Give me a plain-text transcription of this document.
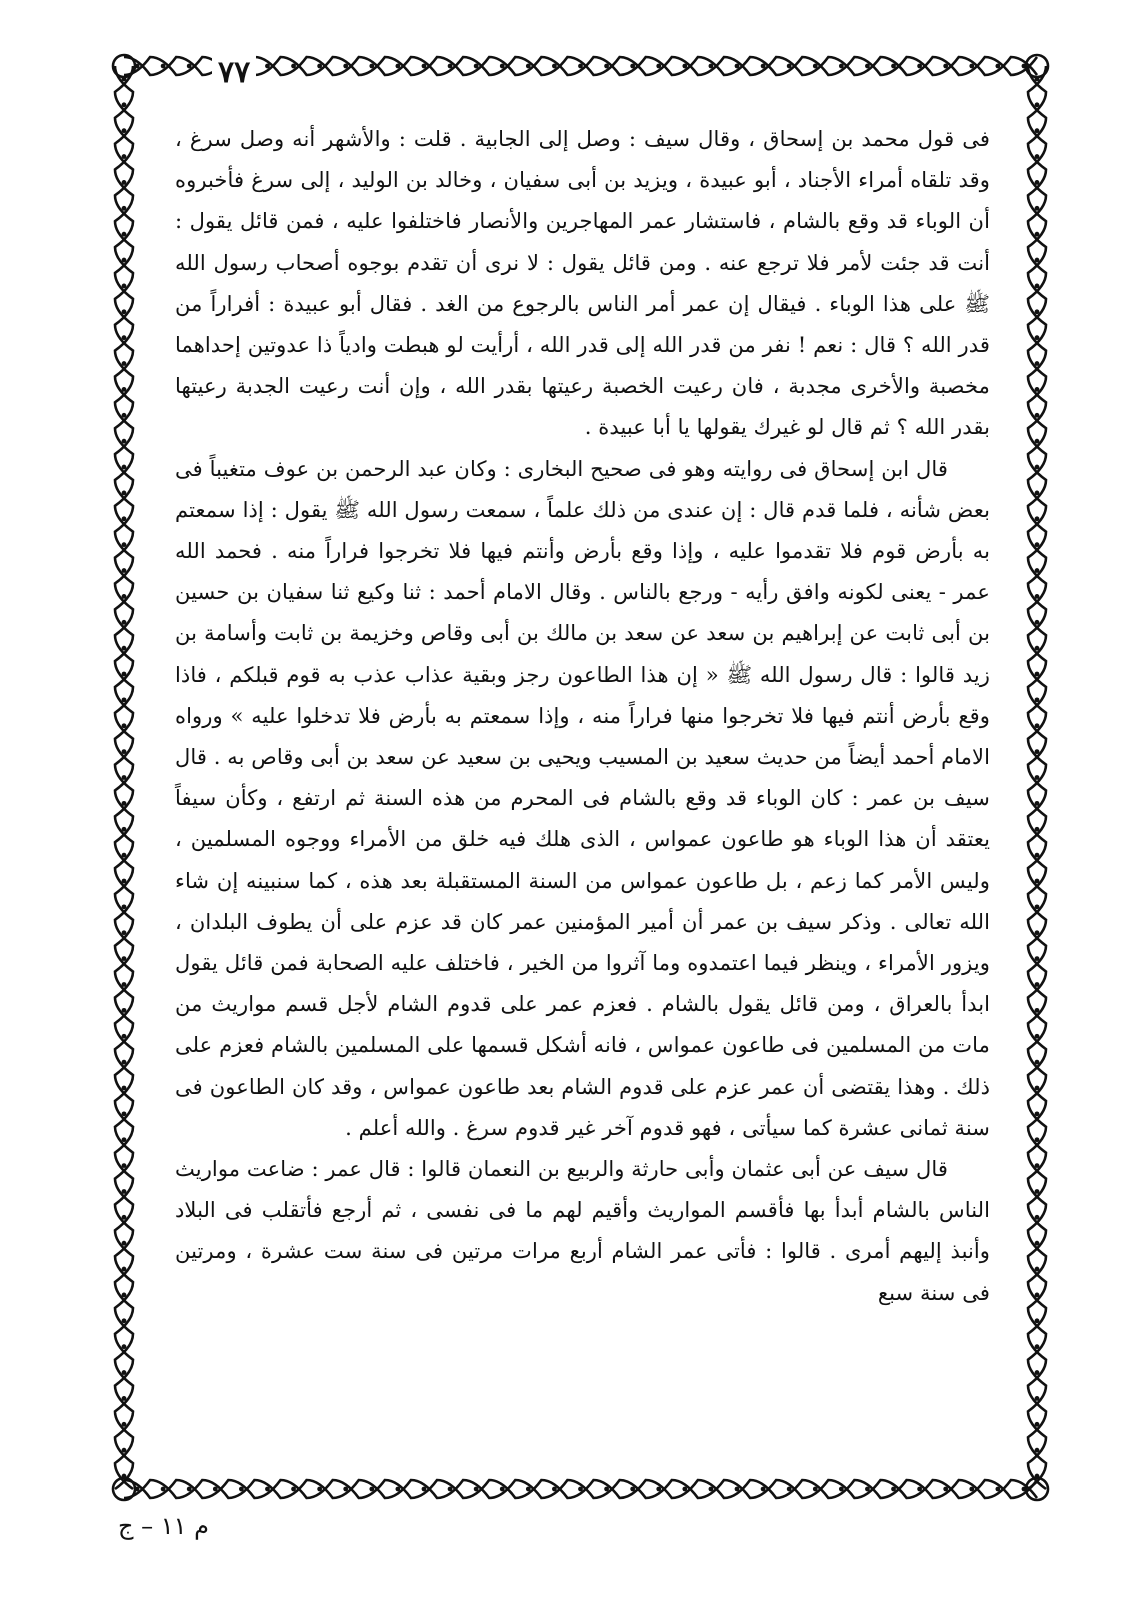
٧٧

فى قول محمد بن إسحاق ، وقال سيف : وصل إلى الجابية . قلت : والأشهر أنه وصل سرغ ، وقد تلقاه أمراء الأجناد ، أبو عبيدة ، ويزيد بن أبى سفيان ، وخالد بن الوليد ، إلى سرغ فأخبروه أن الوباء قد وقع بالشام ، فاستشار عمر المهاجرين والأنصار فاختلفوا عليه ، فمن قائل يقول : أنت قد جئت لأمر فلا ترجع عنه . ومن قائل يقول : لا نرى أن تقدم بوجوه أصحاب رسول الله ﷺ على هذا الوباء . فيقال إن عمر أمر الناس بالرجوع من الغد . فقال أبو عبيدة : أفراراً من قدر الله ؟ قال : نعم ! نفر من قدر الله إلى قدر الله ، أرأيت لو هبطت وادياً ذا عدوتين إحداهما مخصبة والأخرى مجدبة ، فان رعيت الخصبة رعيتها بقدر الله ، وإن أنت رعيت الجدبة رعيتها بقدر الله ؟ ثم قال لو غيرك يقولها يا أبا عبيدة .

قال ابن إسحاق فى روايته وهو فى صحيح البخارى : وكان عبد الرحمن بن عوف متغيباً فى بعض شأنه ، فلما قدم قال : إن عندى من ذلك علماً ، سمعت رسول الله ﷺ يقول : إذا سمعتم به بأرض قوم فلا تقدموا عليه ، وإذا وقع بأرض وأنتم فيها فلا تخرجوا فراراً منه . فحمد الله عمر - يعنى لكونه وافق رأيه - ورجع بالناس . وقال الامام أحمد : ثنا وكيع ثنا سفيان بن حسين بن أبى ثابت عن إبراهيم بن سعد عن سعد بن مالك بن أبى وقاص وخزيمة بن ثابت وأسامة بن زيد قالوا : قال رسول الله ﷺ « إن هذا الطاعون رجز وبقية عذاب عذب به قوم قبلكم ، فاذا وقع بأرض أنتم فيها فلا تخرجوا منها فراراً منه ، وإذا سمعتم به بأرض فلا تدخلوا عليه » ورواه الامام أحمد أيضاً من حديث سعيد بن المسيب ويحيى بن سعيد عن سعد بن أبى وقاص به . قال سيف بن عمر : كان الوباء قد وقع بالشام فى المحرم من هذه السنة ثم ارتفع ، وكأن سيفاً يعتقد أن هذا الوباء هو طاعون عمواس ، الذى هلك فيه خلق من الأمراء ووجوه المسلمين ، وليس الأمر كما زعم ، بل طاعون عمواس من السنة المستقبلة بعد هذه ، كما سنبينه إن شاء الله تعالى . وذكر سيف بن عمر أن أمير المؤمنين عمر كان قد عزم على أن يطوف البلدان ، ويزور الأمراء ، وينظر فيما اعتمدوه وما آثروا من الخير ، فاختلف عليه الصحابة فمن قائل يقول ابدأ بالعراق ، ومن قائل يقول بالشام . فعزم عمر على قدوم الشام لأجل قسم مواريث من مات من المسلمين فى طاعون عمواس ، فانه أشكل قسمها على المسلمين بالشام فعزم على ذلك . وهذا يقتضى أن عمر عزم على قدوم الشام بعد طاعون عمواس ، وقد كان الطاعون فى سنة ثمانى عشرة كما سيأتى ، فهو قدوم آخر غير قدوم سرغ . والله أعلم .

قال سيف عن أبى عثمان وأبى حارثة والربيع بن النعمان قالوا : قال عمر : ضاعت مواريث الناس بالشام أبدأ بها فأقسم المواريث وأقيم لهم ما فى نفسى ، ثم أرجع فأتقلب فى البلاد وأنبذ إليهم أمرى . قالوا : فأتى عمر الشام أربع مرات مرتين فى سنة ست عشرة ، ومرتين فى سنة سبع

م ١١ – ج
